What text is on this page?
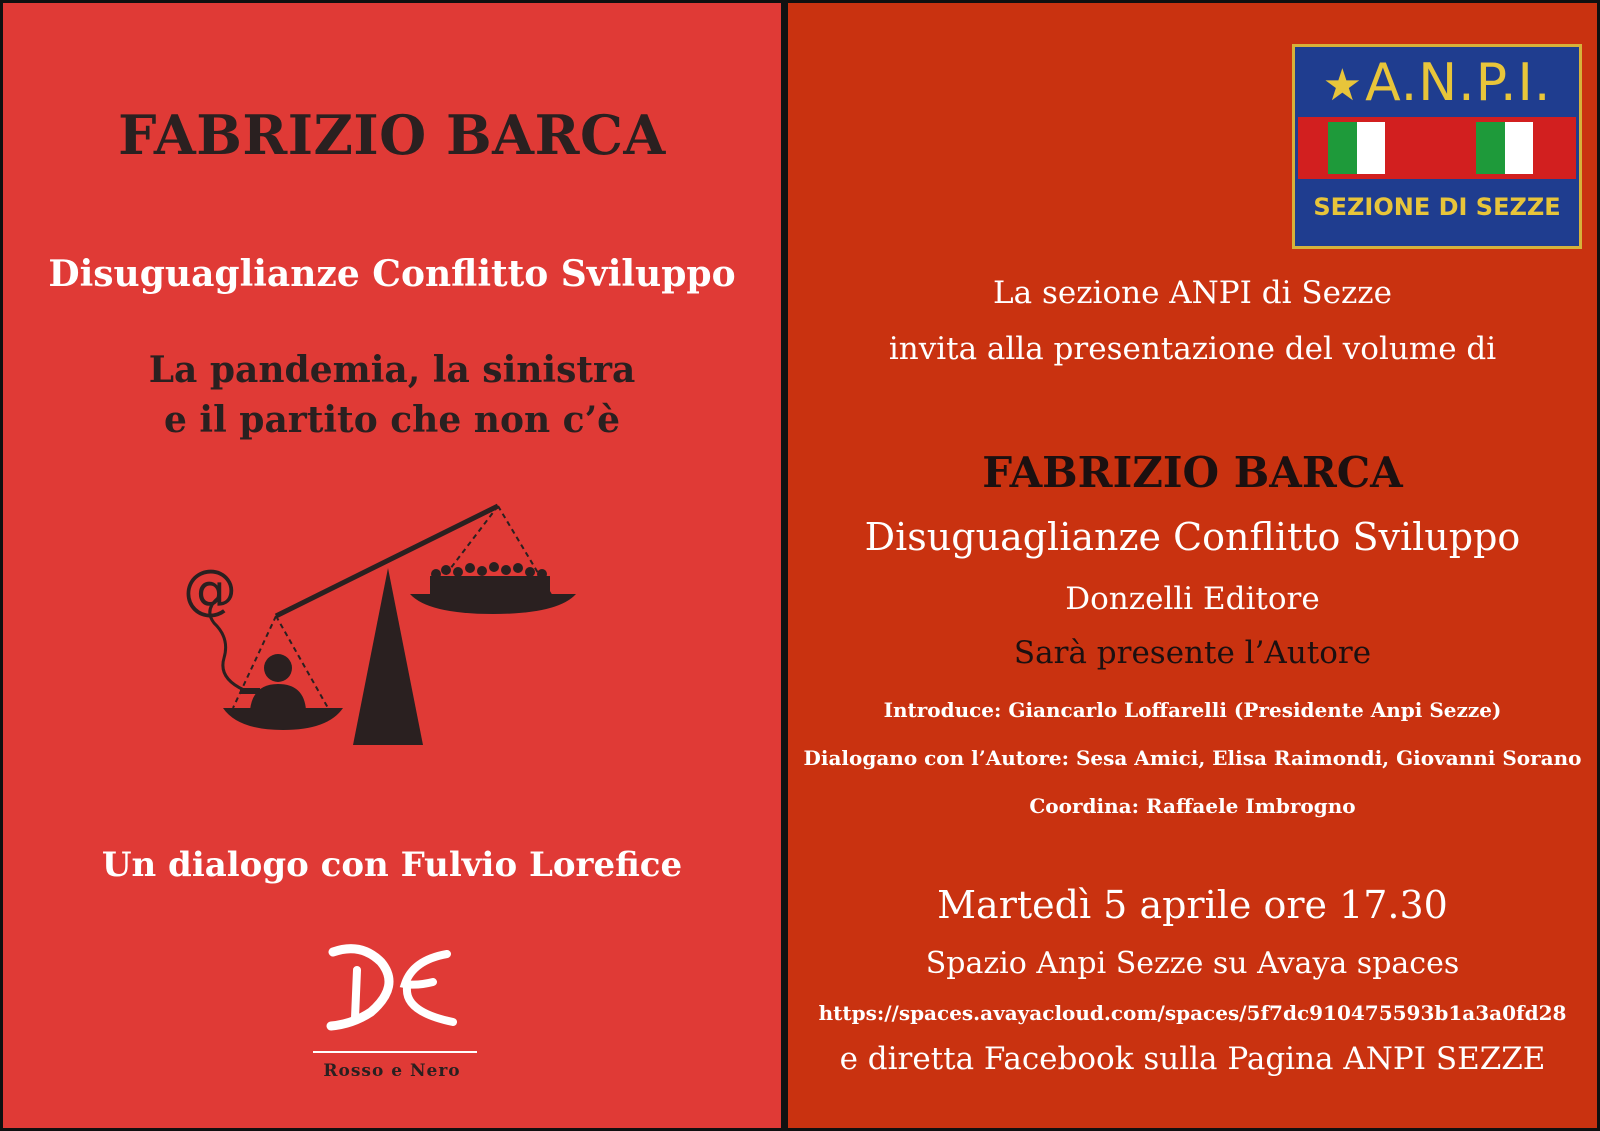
FABRIZIO BARCA
Disuguaglianze Conflitto Sviluppo
La pandemia, la sinistra
e il partito che non c’è
@
Un dialogo con Fulvio Lorefice
Rosso e Nero
★A.N.P.I.
SEZIONE DI SEZZE
La sezione ANPI di Sezze
invita alla presentazione del volume di
FABRIZIO BARCA
Disuguaglianze Conflitto Sviluppo
Donzelli Editore
Sarà presente l’Autore
Introduce: Giancarlo Loffarelli (Presidente Anpi Sezze)
Dialogano con l’Autore: Sesa Amici, Elisa Raimondi, Giovanni Sorano
Coordina: Raffaele Imbrogno
Martedì 5 aprile ore 17.30
Spazio Anpi Sezze su Avaya spaces
https://spaces.avayacloud.com/spaces/5f7dc910475593b1a3a0fd28
e diretta Facebook sulla Pagina ANPI SEZZE
